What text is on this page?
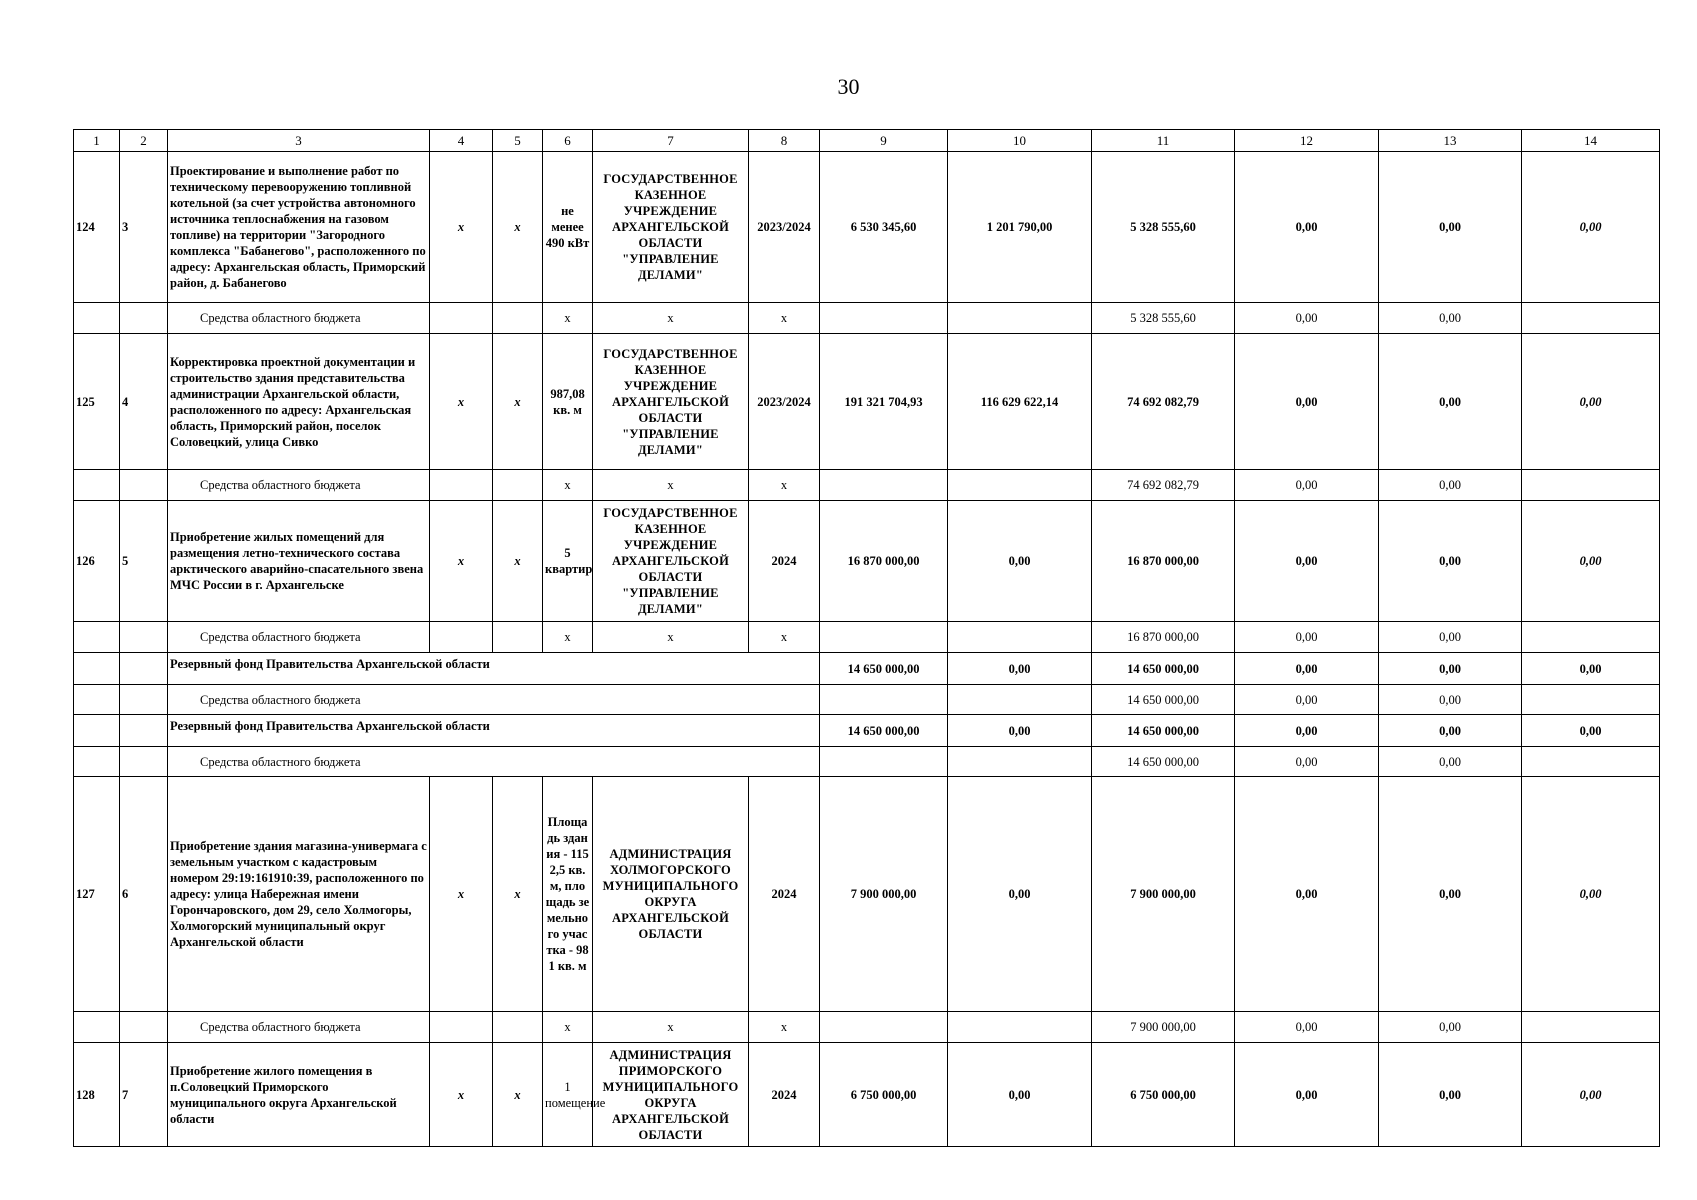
30
1	2	3	4	5	6	7	8	9	10	11	12	13	14
124	3	Проектирование и выполнение работ по техническому перевооружению топливной котельной (за счет устройства автономного источника теплоснабжения на газовом топливе) на территории "Загородного комплекса "Бабанегово", расположенного по адресу: Архангельская область, Приморский район, д. Бабанегово	x	x	не менее 490 кВт	ГОСУДАРСТВЕННОЕ КАЗЕННОЕ УЧРЕЖДЕНИЕ АРХАНГЕЛЬСКОЙ ОБЛАСТИ "УПРАВЛЕНИЕ ДЕЛАМИ"	2023/2024	6 530 345,60	1 201 790,00	5 328 555,60	0,00	0,00	0,00
		Средства областного бюджета			x	x	x			5 328 555,60	0,00	0,00	
125	4	Корректировка проектной документации и строительство здания представительства администрации Архангельской области, расположенного по адресу: Архангельская область, Приморский район, поселок Соловецкий, улица Сивко	x	x	987,08 кв. м	ГОСУДАРСТВЕННОЕ КАЗЕННОЕ УЧРЕЖДЕНИЕ АРХАНГЕЛЬСКОЙ ОБЛАСТИ "УПРАВЛЕНИЕ ДЕЛАМИ"	2023/2024	191 321 704,93	116 629 622,14	74 692 082,79	0,00	0,00	0,00
		Средства областного бюджета			x	x	x			74 692 082,79	0,00	0,00	
126	5	Приобретение жилых помещений для размещения летно-технического состава арктического аварийно-спасательного звена МЧС России в г. Архангельске	x	x	5 квартир	ГОСУДАРСТВЕННОЕ КАЗЕННОЕ УЧРЕЖДЕНИЕ АРХАНГЕЛЬСКОЙ ОБЛАСТИ "УПРАВЛЕНИЕ ДЕЛАМИ"	2024	16 870 000,00	0,00	16 870 000,00	0,00	0,00	0,00
		Средства областного бюджета			x	x	x			16 870 000,00	0,00	0,00	
		Резервный фонд Правительства Архангельской области						14 650 000,00	0,00	14 650 000,00	0,00	0,00	0,00
		Средства областного бюджета								14 650 000,00	0,00	0,00	
		Резервный фонд Правительства Архангельской области						14 650 000,00	0,00	14 650 000,00	0,00	0,00	0,00
		Средства областного бюджета								14 650 000,00	0,00	0,00	
127	6	Приобретение здания магазина-универмага с земельным участком с кадастровым номером 29:19:161910:39, расположенного по адресу: улица Набережная имени Горончаровского, дом 29, село Холмогоры, Холмогорский муниципальный округ Архангельской области	x	x	Площадь здания - 1152,5 кв. м, площадь земельного участка - 981 кв. м	АДМИНИСТРАЦИЯ ХОЛМОГОРСКОГО МУНИЦИПАЛЬНОГО ОКРУГА АРХАНГЕЛЬСКОЙ ОБЛАСТИ	2024	7 900 000,00	0,00	7 900 000,00	0,00	0,00	0,00
		Средства областного бюджета			x	x	x			7 900 000,00	0,00	0,00	
128	7	Приобретение жилого помещения в п.Соловецкий Приморского муниципального округа Архангельской области	x	x	1 помещение	АДМИНИСТРАЦИЯ ПРИМОРСКОГО МУНИЦИПАЛЬНОГО ОКРУГА АРХАНГЕЛЬСКОЙ ОБЛАСТИ	2024	6 750 000,00	0,00	6 750 000,00	0,00	0,00	0,00
